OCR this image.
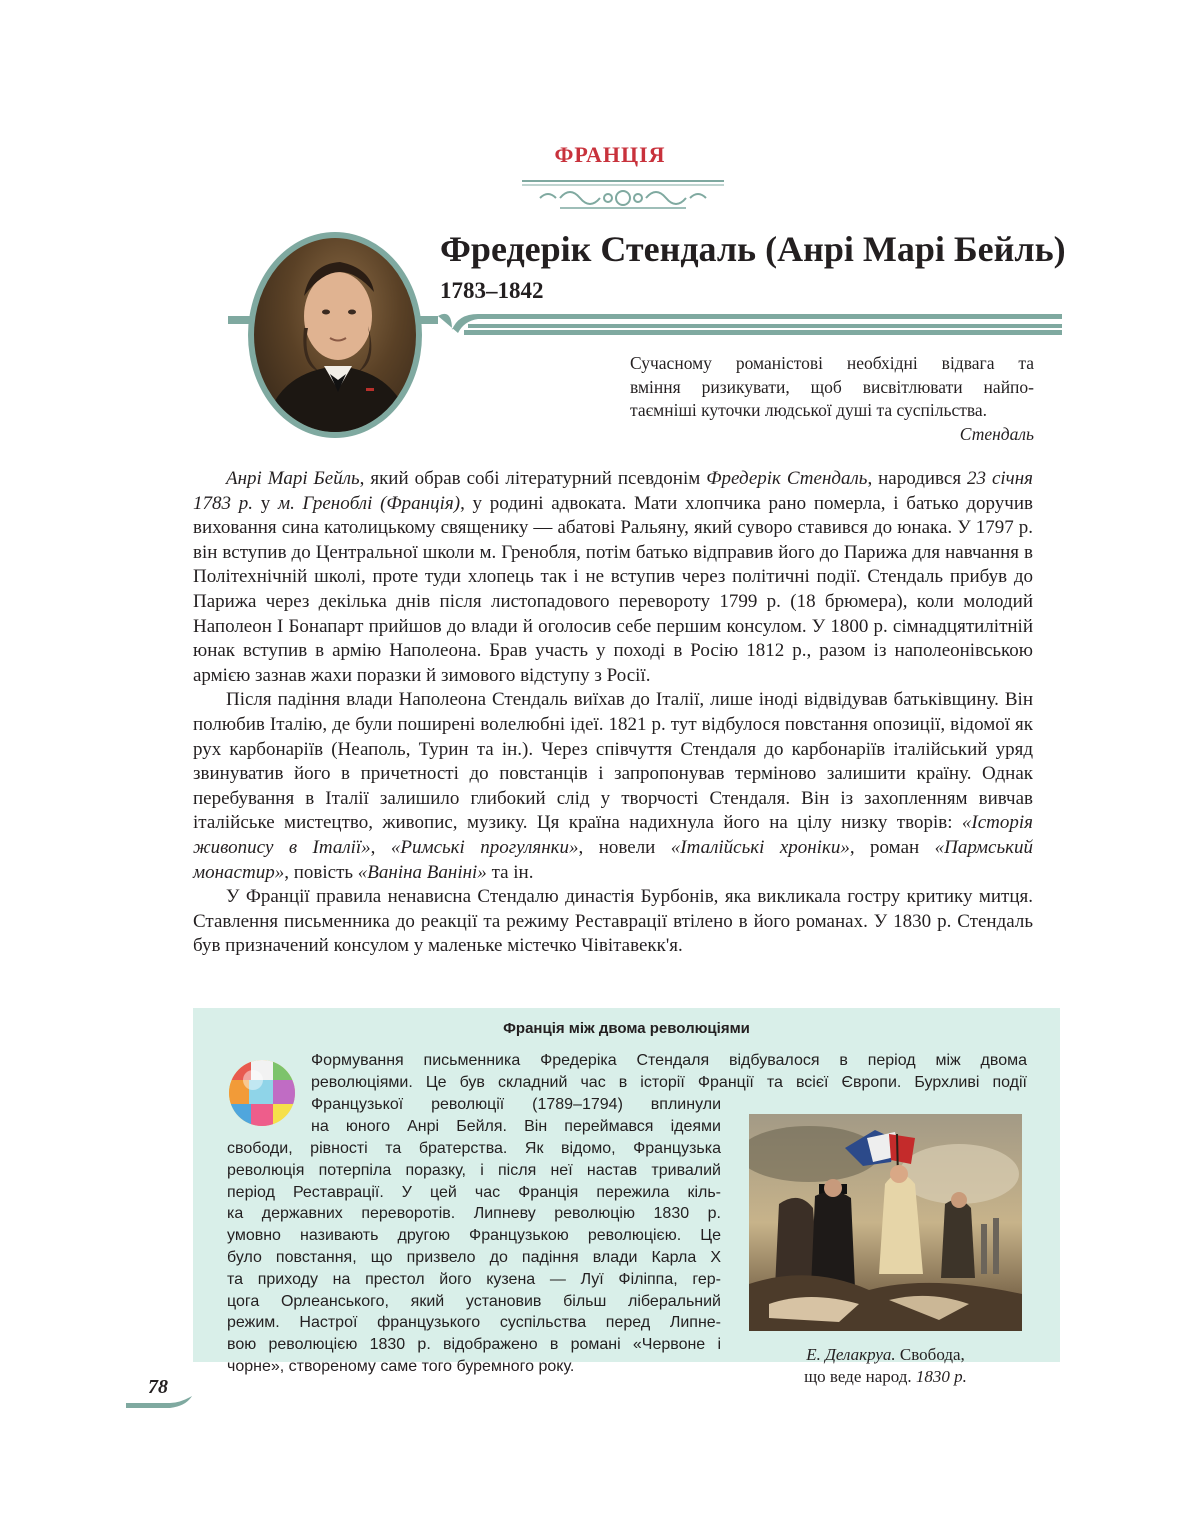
ФРАНЦІЯ
Фредерік Стендаль (Анрі Марі Бейль)
1783–1842
Сучасному романістові необхідні відвага та
вміння ризикувати, щоб висвітлювати найпо-
таємніші куточки людської душі та суспільства.
Стендаль

Анрі Марі Бейль, який обрав собі літературний псевдонім Фредерік Стендаль, народився 23 січня 1783 р. у м. Гренoблі (Франція), у родині адвоката. Мати хлопчика рано померла, і батько доручив виховання сина католицькому священику — абатові Ральяну, який суворо ставився до юнака. У 1797 р. він вступив до Центральної школи м. Гренобля, потім батько відправив його до Парижа для навчання в Політехнічній школі, проте туди хлопець так і не вступив через політичні події. Стендаль прибув до Парижа через декілька днів після листопадового перевороту 1799 р. (18 брюмера), коли молодий Наполеон І Бонапарт прийшов до влади й оголосив себе першим консулом. У 1800 р. сімнадцятилітній юнак вступив в армію Наполеона. Брав участь у поході в Росію 1812 р., разом із наполеонівською армією зазнав жахи поразки й зимового відступу з Росії.

Після падіння влади Наполеона Стендаль виїхав до Італії, лише іноді відвідував батьківщину. Він полюбив Італію, де були поширені волелюбні ідеї. 1821 р. тут відбулося повстання опозиції, відомої як рух карбонаріїв (Неаполь, Турин та ін.). Через співчуття Стендаля до карбонаріїв італійський уряд звинуватив його в причетності до повстанців і запропонував терміново залишити країну. Однак перебування в Італії залишило глибокий слід у творчості Стендаля. Він із захопленням вивчав італійське мистецтво, живопис, музику. Ця країна надихнула його на цілу низку творів: «Історія живопису в Італії», «Римські прогулянки», новели «Італійські хроніки», роман «Пармський монастир», повість «Ваніна Ваніні» та ін.

У Франції правила ненависна Стендалю династія Бурбонів, яка викликала гостру критику митця. Ставлення письменника до реакції та режиму Реставрації втілено в його романах. У 1830 р. Стендаль був призначений консулом у маленьке містечко Чівітавекк'я.

Франція між двома революціями
Формування письменника Фредеріка Стендаля відбувалося в період між двома
революціями. Це був складний час в історії Франції та всієї Європи. Бурхливі події
Французької революції (1789–1794) вплинули
на юного Анрі Бейля. Він переймався ідеями
свободи, рівності та братерства. Як відомо, Французька
революція потерпіла поразку, і після неї настав тривалий
період Реставрації. У цей час Франція пережила кіль-
ка державних переворотів. Липневу революцію 1830 р.
умовно називають другою Французькою революцією. Це
було повстання, що призвело до падіння влади Карла Х
та приходу на престол його кузена — Луї Філіппа, гер-
цога Орлеанського, який установив більш ліберальний
режим. Настрої французького суспільства перед Липне-
вою революцією 1830 р. відображено в романі «Червоне і
чорне», створеному саме того буремного року.
Е. Делакруа. Свобода,
що веде народ. 1830 р.
78
